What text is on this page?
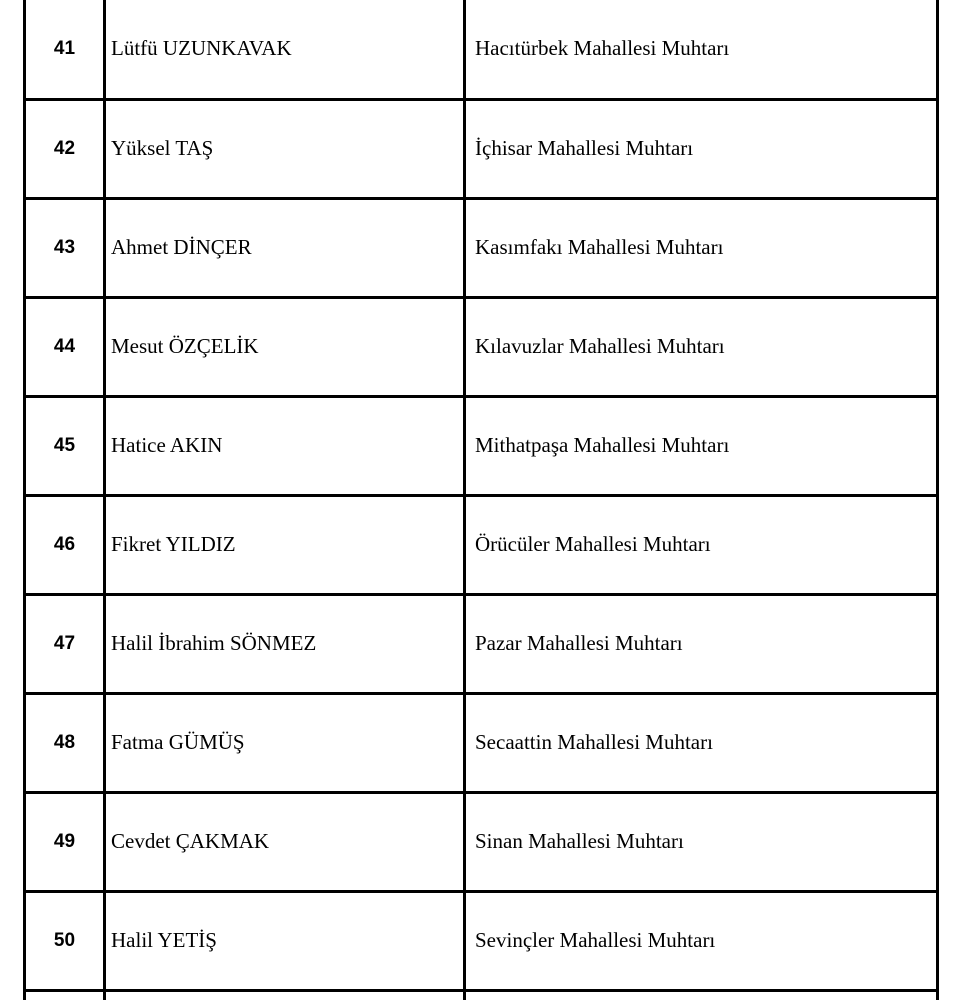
41	Lütfü UZUNKAVAK	Hacıtürbek Mahallesi Muhtarı
42	Yüksel TAŞ	İçhisar Mahallesi Muhtarı
43	Ahmet DİNÇER	Kasımfakı Mahallesi Muhtarı
44	Mesut ÖZÇELİK	Kılavuzlar Mahallesi Muhtarı
45	Hatice AKIN	Mithatpaşa Mahallesi Muhtarı
46	Fikret YILDIZ	Örücüler Mahallesi Muhtarı
47	Halil İbrahim SÖNMEZ	Pazar Mahallesi Muhtarı
48	Fatma GÜMÜŞ	Secaattin Mahallesi Muhtarı
49	Cevdet ÇAKMAK	Sinan Mahallesi Muhtarı
50	Halil YETİŞ	Sevinçler Mahallesi Muhtarı
